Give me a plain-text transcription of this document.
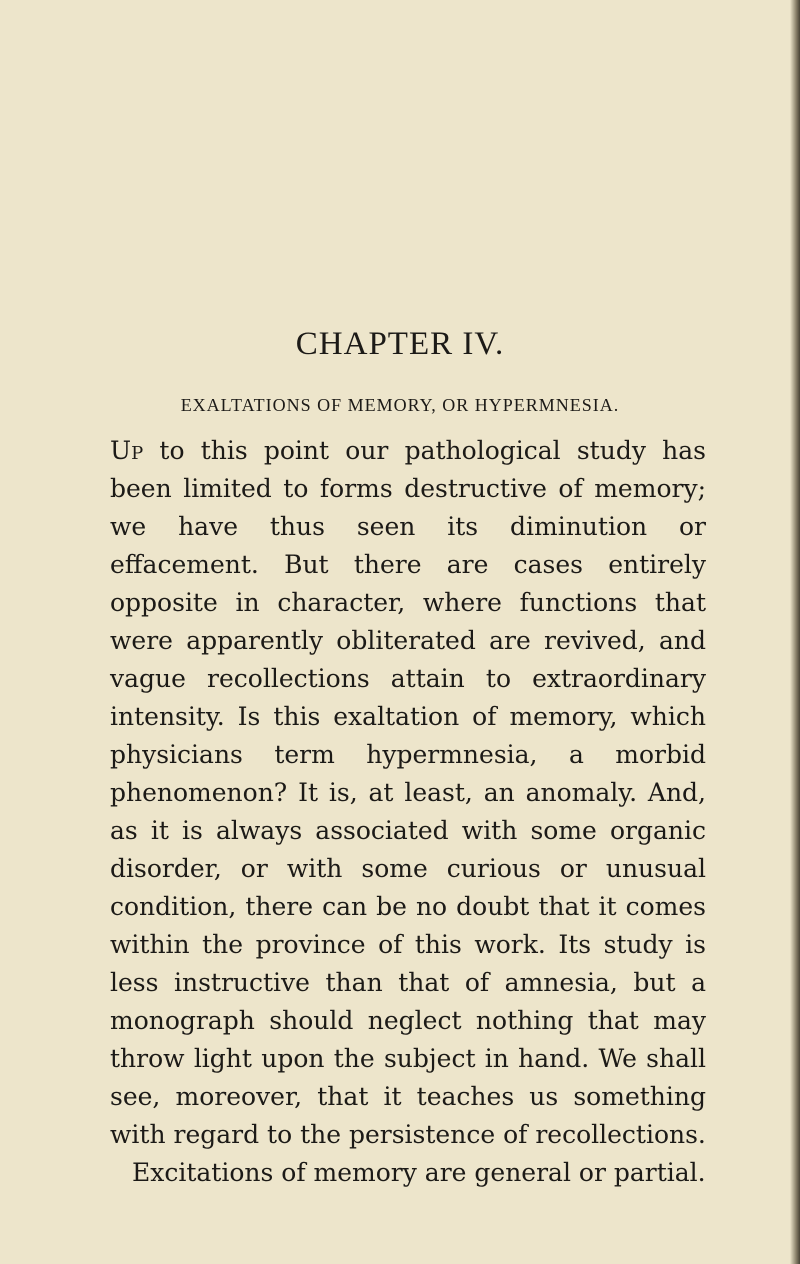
CHAPTER IV.
EXALTATIONS OF MEMORY, OR HYPERMNESIA.

Up to this point our pathological study has been limited to forms destructive of memory; we have thus seen its diminution or effacement. But there are cases entirely opposite in character, where functions that were apparently obliterated are revived, and vague recollections attain to extraordinary intensity. Is this exaltation of memory, which physicians term hypermnesia, a morbid phenomenon? It is, at least, an anomaly. And, as it is always associated with some organic disorder, or with some curious or unusual condition, there can be no doubt that it comes within the province of this work. Its study is less instructive than that of amnesia, but a monograph should neglect nothing that may throw light upon the subject in hand. We shall see, moreover, that it teaches us something with regard to the persistence of recollections.

Excitations of memory are general or partial.
